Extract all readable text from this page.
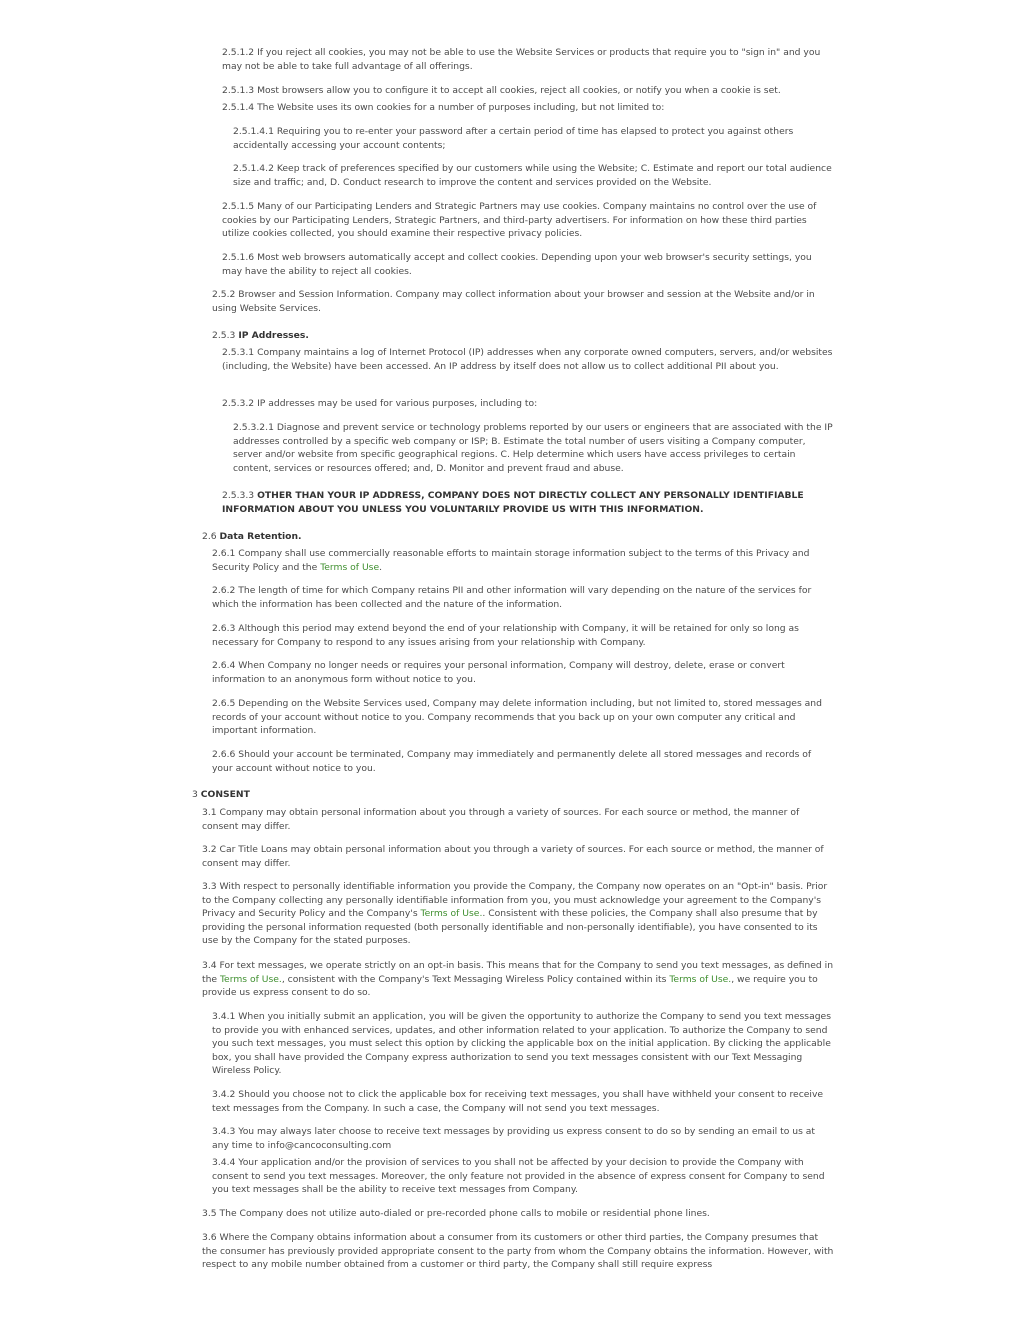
2.5.1.2 If you reject all cookies, you may not be able to use the Website Services or products that require you to "sign in" and you may not be able to take full advantage of all offerings.

2.5.1.3 Most browsers allow you to configure it to accept all cookies, reject all cookies, or notify you when a cookie is set.

2.5.1.4 The Website uses its own cookies for a number of purposes including, but not limited to:

2.5.1.4.1 Requiring you to re-enter your password after a certain period of time has elapsed to protect you against others accidentally accessing your account contents;

2.5.1.4.2 Keep track of preferences specified by our customers while using the Website; C. Estimate and report our total audience size and traffic; and, D. Conduct research to improve the content and services provided on the Website.

2.5.1.5 Many of our Participating Lenders and Strategic Partners may use cookies. Company maintains no control over the use of cookies by our Participating Lenders, Strategic Partners, and third-party advertisers. For information on how these third parties utilize cookies collected, you should examine their respective privacy policies.

2.5.1.6 Most web browsers automatically accept and collect cookies. Depending upon your web browser's security settings, you may have the ability to reject all cookies.

2.5.2 Browser and Session Information. Company may collect information about your browser and session at the Website and/or in using Website Services.

2.5.3 IP Addresses.

2.5.3.1 Company maintains a log of Internet Protocol (IP) addresses when any corporate owned computers, servers, and/or websites (including, the Website) have been accessed. An IP address by itself does not allow us to collect additional PII about you.

2.5.3.2 IP addresses may be used for various purposes, including to:

2.5.3.2.1 Diagnose and prevent service or technology problems reported by our users or engineers that are associated with the IP addresses controlled by a specific web company or ISP; B. Estimate the total number of users visiting a Company computer, server and/or website from specific geographical regions. C. Help determine which users have access privileges to certain content, services or resources offered; and, D. Monitor and prevent fraud and abuse.

2.5.3.3 OTHER THAN YOUR IP ADDRESS, COMPANY DOES NOT DIRECTLY COLLECT ANY PERSONALLY IDENTIFIABLE INFORMATION ABOUT YOU UNLESS YOU VOLUNTARILY PROVIDE US WITH THIS INFORMATION.

2.6 Data Retention.

2.6.1 Company shall use commercially reasonable efforts to maintain storage information subject to the terms of this Privacy and Security Policy and the Terms of Use.

2.6.2 The length of time for which Company retains PII and other information will vary depending on the nature of the services for which the information has been collected and the nature of the information.

2.6.3 Although this period may extend beyond the end of your relationship with Company, it will be retained for only so long as necessary for Company to respond to any issues arising from your relationship with Company.

2.6.4 When Company no longer needs or requires your personal information, Company will destroy, delete, erase or convert information to an anonymous form without notice to you.

2.6.5 Depending on the Website Services used, Company may delete information including, but not limited to, stored messages and records of your account without notice to you. Company recommends that you back up on your own computer any critical and important information.

2.6.6 Should your account be terminated, Company may immediately and permanently delete all stored messages and records of your account without notice to you.

3 CONSENT

3.1 Company may obtain personal information about you through a variety of sources. For each source or method, the manner of consent may differ.

3.2 Car Title Loans may obtain personal information about you through a variety of sources. For each source or method, the manner of consent may differ.

3.3 With respect to personally identifiable information you provide the Company, the Company now operates on an "Opt-in" basis. Prior to the Company collecting any personally identifiable information from you, you must acknowledge your agreement to the Company's Privacy and Security Policy and the Company's Terms of Use.. Consistent with these policies, the Company shall also presume that by providing the personal information requested (both personally identifiable and non-personally identifiable), you have consented to its use by the Company for the stated purposes.

3.4 For text messages, we operate strictly on an opt-in basis. This means that for the Company to send you text messages, as defined in the Terms of Use., consistent with the Company's Text Messaging Wireless Policy contained within its Terms of Use., we require you to provide us express consent to do so.

3.4.1 When you initially submit an application, you will be given the opportunity to authorize the Company to send you text messages to provide you with enhanced services, updates, and other information related to your application. To authorize the Company to send you such text messages, you must select this option by clicking the applicable box on the initial application. By clicking the applicable box, you shall have provided the Company express authorization to send you text messages consistent with our Text Messaging Wireless Policy.

3.4.2 Should you choose not to click the applicable box for receiving text messages, you shall have withheld your consent to receive text messages from the Company. In such a case, the Company will not send you text messages.

3.4.3 You may always later choose to receive text messages by providing us express consent to do so by sending an email to us at any time to info@cancoconsulting.com

3.4.4 Your application and/or the provision of services to you shall not be affected by your decision to provide the Company with consent to send you text messages. Moreover, the only feature not provided in the absence of express consent for Company to send you text messages shall be the ability to receive text messages from Company.

3.5 The Company does not utilize auto-dialed or pre-recorded phone calls to mobile or residential phone lines.

3.6 Where the Company obtains information about a consumer from its customers or other third parties, the Company presumes that the consumer has previously provided appropriate consent to the party from whom the Company obtains the information. However, with respect to any mobile number obtained from a customer or third party, the Company shall still require express
